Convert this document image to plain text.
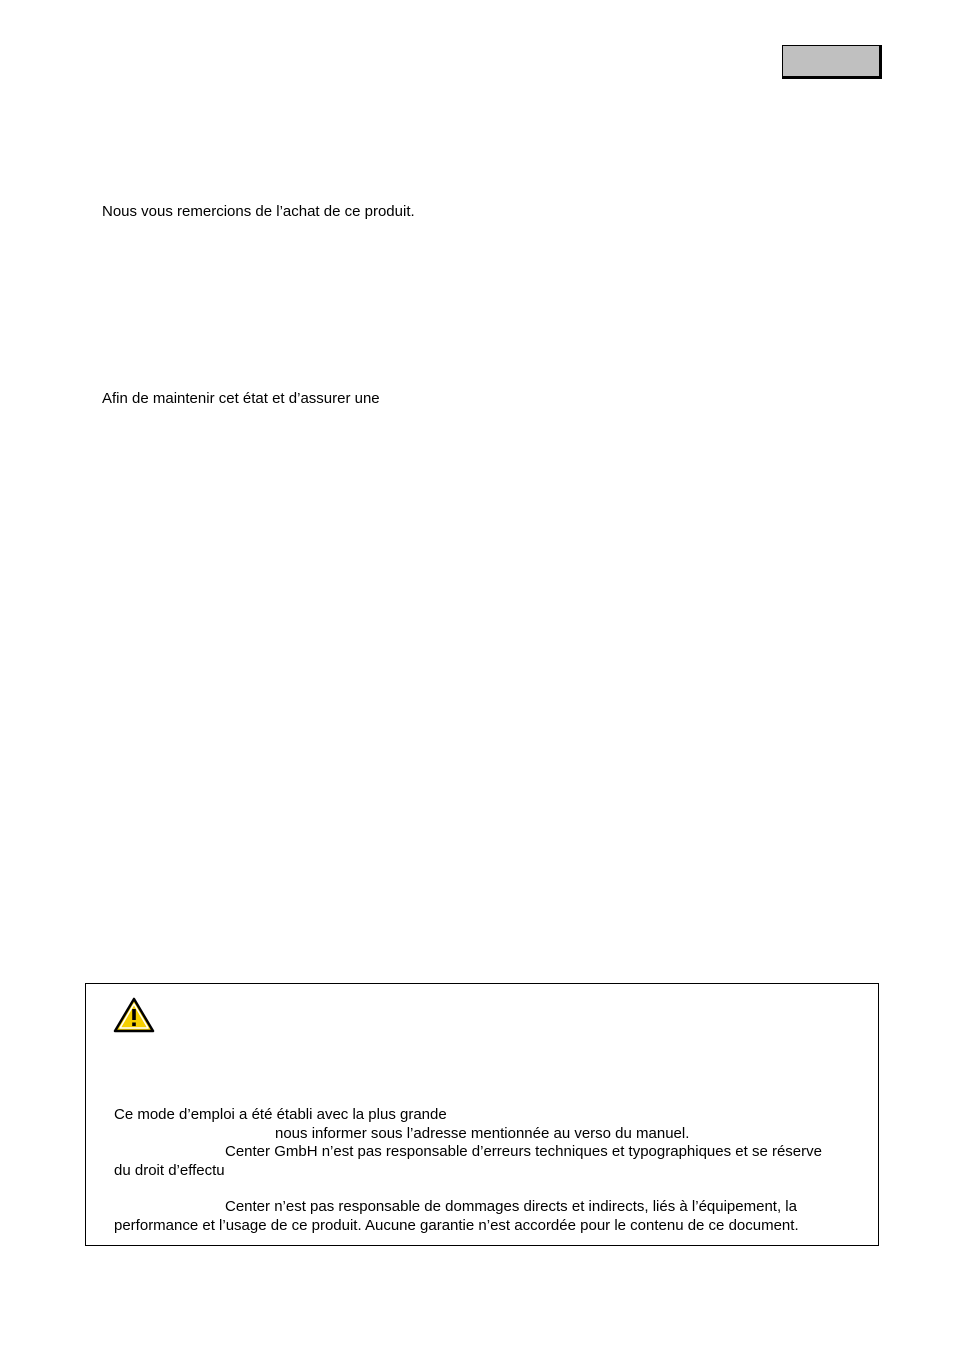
Nous vous remercions de l’achat de ce produit.
Afin de maintenir cet état et d’assurer une
Ce mode d’emploi a été établi avec la plus grande
nous informer sous l’adresse mentionnée au verso du manuel.
Center GmbH n’est pas responsable d’erreurs techniques et typographiques et se réserve
du droit d’effectu
Center n’est pas responsable de dommages directs et indirects, liés à l’équipement, la
performance et l’usage de ce produit. Aucune garantie n’est accordée pour le contenu de ce document.
